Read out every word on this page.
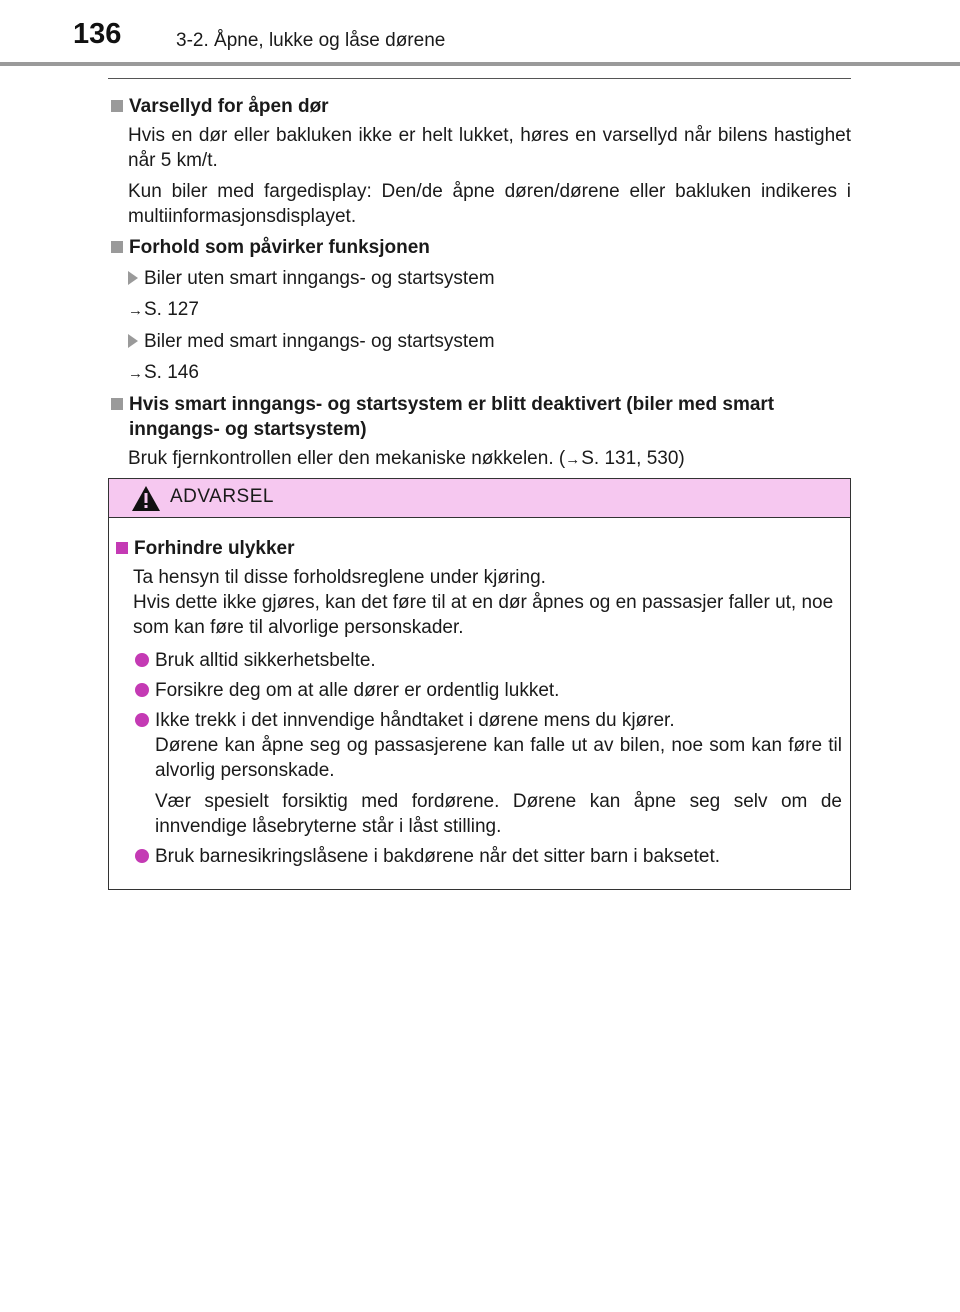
136	3-2. Åpne, lukke og låse dørene
Varsellyd for åpen dør
Hvis en dør eller bakluken ikke er helt lukket, høres en varsellyd når bilens hastighet når 5 km/t.
Kun biler med fargedisplay: Den/de åpne døren/dørene eller bakluken indikeres i multiinformasjonsdisplayet.
Forhold som påvirker funksjonen
Biler uten smart inngangs- og startsystem
→S. 127
Biler med smart inngangs- og startsystem
→S. 146
Hvis smart inngangs- og startsystem er blitt deaktivert (biler med smart inngangs- og startsystem)
Bruk fjernkontrollen eller den mekaniske nøkkelen. (→S. 131, 530)
ADVARSEL
Forhindre ulykker
Ta hensyn til disse forholdsreglene under kjøring.
Hvis dette ikke gjøres, kan det føre til at en dør åpnes og en passasjer faller ut, noe som kan føre til alvorlige personskader.
Bruk alltid sikkerhetsbelte.
Forsikre deg om at alle dører er ordentlig lukket.
Ikke trekk i det innvendige håndtaket i dørene mens du kjører.
Dørene kan åpne seg og passasjerene kan falle ut av bilen, noe som kan føre til alvorlig personskade.
Vær spesielt forsiktig med fordørene. Dørene kan åpne seg selv om de innvendige låsebryterne står i låst stilling.
Bruk barnesikringslåsene i bakdørene når det sitter barn i baksetet.
